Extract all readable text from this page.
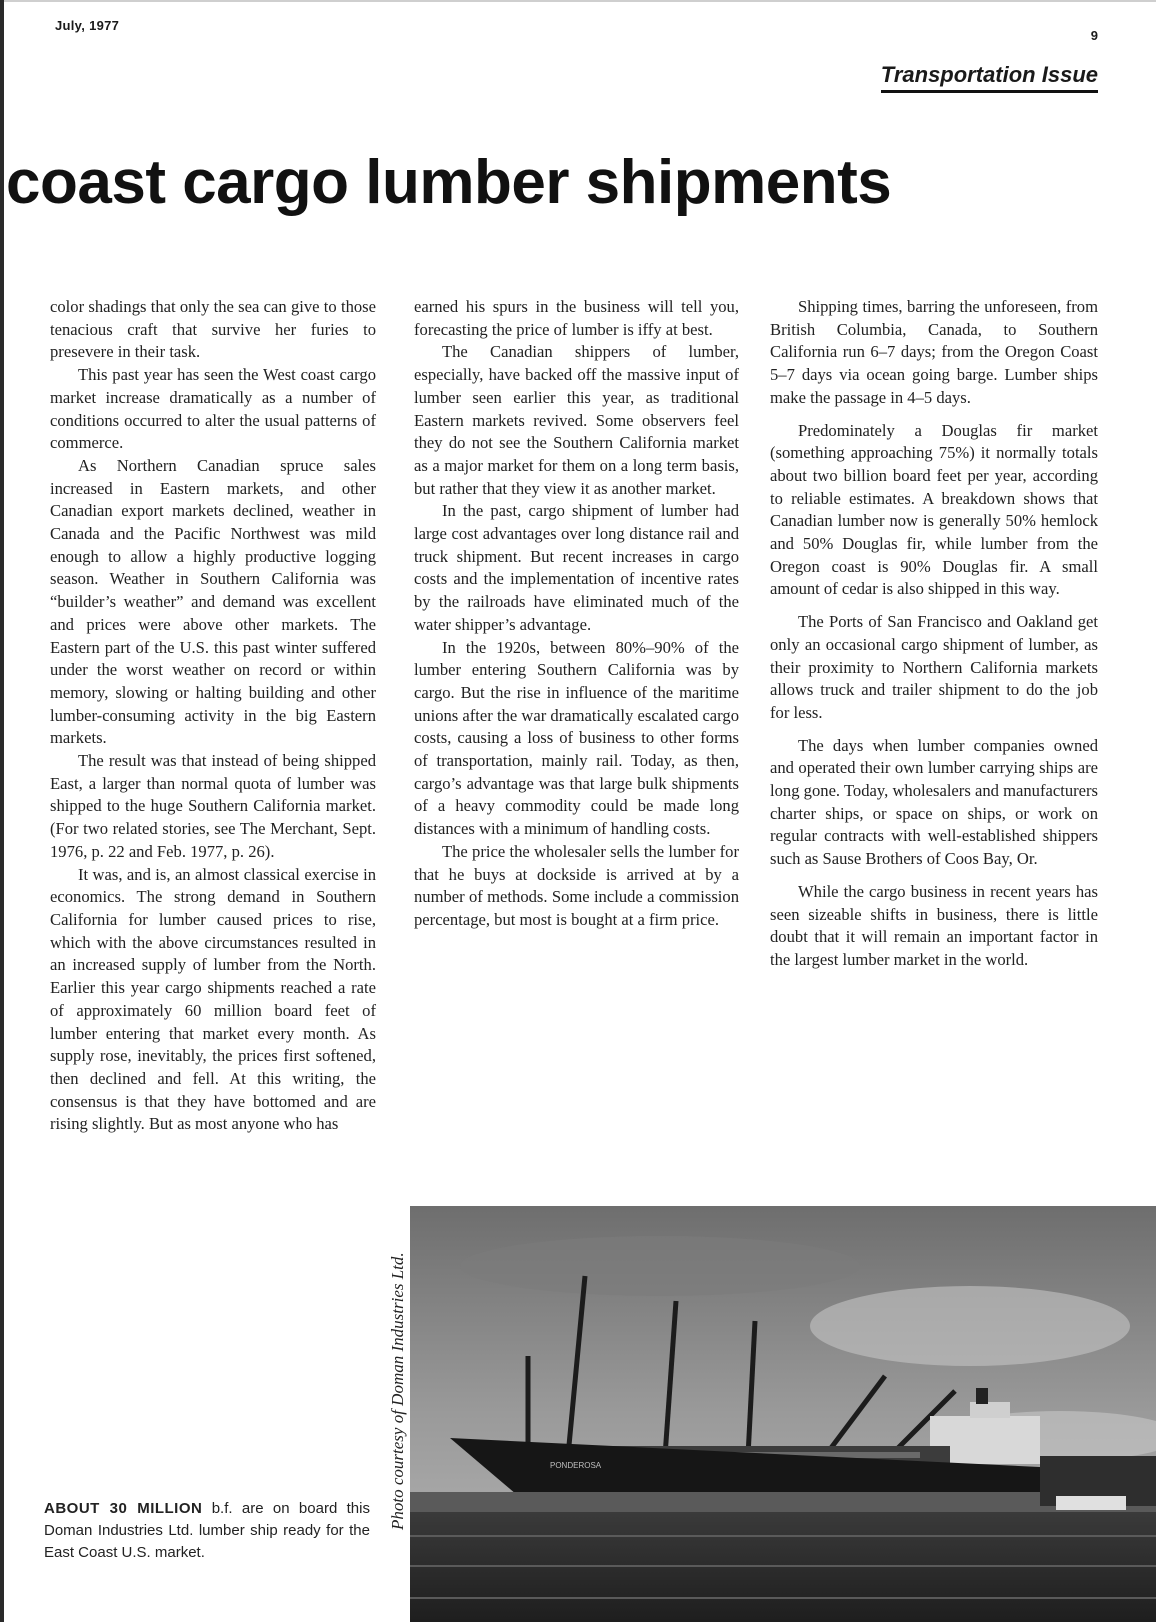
July, 1977
9
Transportation Issue
coast cargo lumber shipments

color shadings that only the sea can give to those tenacious craft that survive her furies to presevere in their task.

This past year has seen the West coast cargo market increase dramatically as a number of conditions occurred to alter the usual patterns of commerce.

As Northern Canadian spruce sales increased in Eastern markets, and other Canadian export markets declined, weather in Canada and the Pacific Northwest was mild enough to allow a highly productive logging season. Weather in Southern California was “builder’s weather” and demand was excellent and prices were above other markets. The Eastern part of the U.S. this past winter suffered under the worst weather on record or within memory, slowing or halting building and other lumber-consuming activity in the big Eastern markets.

The result was that instead of being shipped East, a larger than normal quota of lumber was shipped to the huge Southern California market. (For two related stories, see The Merchant, Sept. 1976, p. 22 and Feb. 1977, p. 26).

It was, and is, an almost classical exercise in economics. The strong demand in Southern California for lumber caused prices to rise, which with the above circumstances resulted in an increased supply of lumber from the North. Earlier this year cargo shipments reached a rate of approximately 60 million board feet of lumber entering that market every month. As supply rose, inevitably, the prices first softened, then declined and fell. At this writing, the consensus is that they have bottomed and are rising slightly. But as most anyone who has

earned his spurs in the business will tell you, forecasting the price of lumber is iffy at best.

The Canadian shippers of lumber, especially, have backed off the massive input of lumber seen earlier this year, as traditional Eastern markets revived. Some observers feel they do not see the Southern California market as a major market for them on a long term basis, but rather that they view it as another market.

In the past, cargo shipment of lumber had large cost advantages over long distance rail and truck shipment. But recent increases in cargo costs and the implementation of incentive rates by the railroads have eliminated much of the water shipper’s advantage.

In the 1920s, between 80%–90% of the lumber entering Southern California was by cargo. But the rise in influence of the maritime unions after the war dramatically escalated cargo costs, causing a loss of business to other forms of transportation, mainly rail. Today, as then, cargo’s advantage was that large bulk shipments of a heavy commodity could be made long distances with a minimum of handling costs.

The price the wholesaler sells the lumber for that he buys at dockside is arrived at by a number of methods. Some include a commission percentage, but most is bought at a firm price.

Shipping times, barring the unforeseen, from British Columbia, Canada, to Southern California run 6–7 days; from the Oregon Coast 5–7 days via ocean going barge. Lumber ships make the passage in 4–5 days.

Predominately a Douglas fir market (something approaching 75%) it normally totals about two billion board feet per year, according to reliable estimates. A breakdown shows that Canadian lumber now is generally 50% hemlock and 50% Douglas fir, while lumber from the Oregon coast is 90% Douglas fir. A small amount of cedar is also shipped in this way.

The Ports of San Francisco and Oakland get only an occasional cargo shipment of lumber, as their proximity to Northern California markets allows truck and trailer shipment to do the job for less.

The days when lumber companies owned and operated their own lumber carrying ships are long gone. Today, wholesalers and manufacturers charter ships, or space on ships, or work on regular contracts with well-established shippers such as Sause Brothers of Coos Bay, Or.

While the cargo business in recent years has seen sizeable shifts in business, there is little doubt that it will remain an important factor in the largest lumber market in the world.

PONDEROSA
Photo courtesy of Doman Industries Ltd.
ABOUT 30 MILLION b.f. are on board this Doman Industries Ltd. lumber ship ready for the East Coast U.S. market.
